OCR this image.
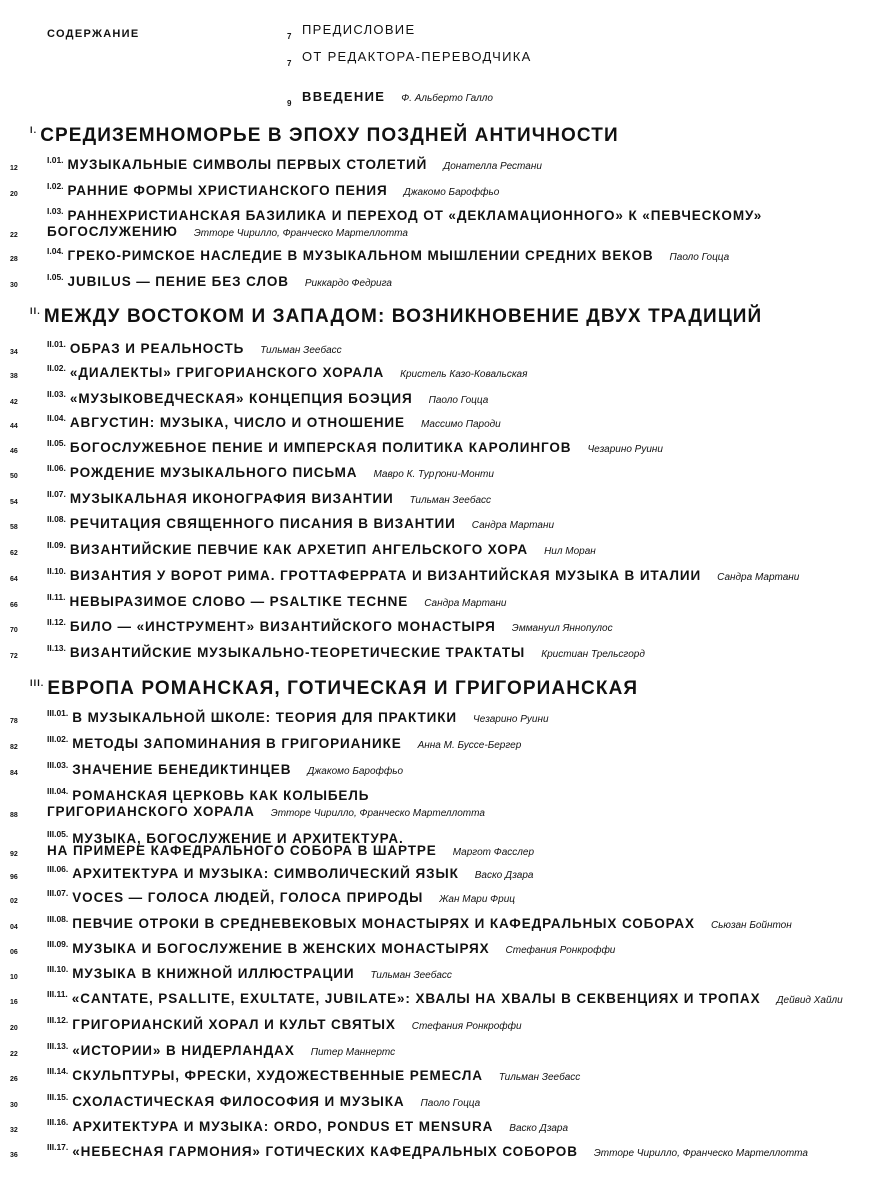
СОДЕРЖАНИЕ	7 ПРЕДИСЛОВИЕ
7 ОТ РЕДАКТОРА-ПЕРЕВОДЧИКА
9 ВВЕДЕНИЕ Ф. Альберто Галло
$^{I.}$ СРЕДИЗЕМНОМОРЬЕ В ЭПОХУ ПОЗДНЕЙ АНТИЧНОСТИ
12
I.01. МУЗЫКАЛЬНЫЕ СИМВОЛЫ ПЕРВЫХ СТОЛЕТИЙ Донателла Рестани
20
I.02. РАННИЕ ФОРМЫ ХРИСТИАНСКОГО ПЕНИЯ Джакомо Бароффьо
22
I.03. РАННЕХРИСТИАНСКАЯ БАЗИЛИКА И ПЕРЕХОД ОТ «ДЕКЛАМАЦИОННОГО» К «ПЕВЧЕСКОМУ»
БОГОСЛУЖЕНИЮ Этторе Чирилло, Франческо Мартеллотта
28
I.04. ГРЕКО-РИМСКОЕ НАСЛЕДИЕ В МУЗЫКАЛЬНОМ МЫШЛЕНИИ СРЕДНИХ ВЕКОВ Паоло Гоцца
30
I.05. JUBILUS — ПЕНИЕ БЕЗ СЛОВ Риккардо Федрига
$^{II.}$ МЕЖДУ ВОСТОКОМ И ЗАПАДОМ: ВОЗНИКНОВЕНИЕ ДВУХ ТРАДИЦИЙ
34
II.01. ОБРАЗ И РЕАЛЬНОСТЬ Тильман Зеебасс
38
II.02. «ДИАЛЕКТЫ» ГРИГОРИАНСКОГО ХОРАЛА Кристель Казо-Ковальская
42
II.03. «МУЗЫКОВЕДЧЕСКАЯ» КОНЦЕПЦИЯ БОЭЦИЯ Паоло Гоцца
44
II.04. АВГУСТИН: МУЗЫКА, ЧИСЛО И ОТНОШЕНИЕ Массимо Пароди
46
II.05. БОГОСЛУЖЕБНОЕ ПЕНИЕ И ИМПЕРСКАЯ ПОЛИТИКА КАРОЛИНГОВ Чезарино Руини
50
II.06. РОЖДЕНИЕ МУЗЫКАЛЬНОГО ПИСЬМА Мавро К. Турրони-Монти
54
II.07. МУЗЫКАЛЬНАЯ ИКОНОГРАФИЯ ВИЗАНТИИ Тильман Зеебасс
58
II.08. РЕЧИТАЦИЯ СВЯЩЕННОГО ПИСАНИЯ В ВИЗАНТИИ Сандра Мартани
62
II.09. ВИЗАНТИЙСКИЕ ПЕВЧИЕ КАК АРХЕТИП АНГЕЛЬСКОГО ХОРА Нил Моран
64
II.10. ВИЗАНТИЯ У ВОРОТ РИМА. ГРОТТАФЕРРАТА И ВИЗАНТИЙСКАЯ МУЗЫКА В ИТАЛИИ Сандра Мартани
66
II.11. НЕВЫРАЗИМОЕ СЛОВО — PSALTIKE TECHNE Сандра Мартани
70
II.12. БИЛО — «ИНСТРУМЕНТ» ВИЗАНТИЙСКОГО МОНАСТЫРЯ Эммануил Яннопулос
72
II.13. ВИЗАНТИЙСКИЕ МУЗЫКАЛЬНО-ТЕОРЕТИЧЕСКИЕ ТРАКТАТЫ Кристиан Трельсгорд
$^{III.}$ ЕВРОПА РОМАНСКАЯ, ГОТИЧЕСКАЯ И ГРИГОРИАНСКАЯ
78
III.01. В МУЗЫКАЛЬНОЙ ШКОЛЕ: ТЕОРИЯ ДЛЯ ПРАКТИКИ Чезарино Руини
82
III.02. МЕТОДЫ ЗАПОМИНАНИЯ В ГРИГОРИАНИКЕ Анна М. Буссе-Бергер
84
III.03. ЗНАЧЕНИЕ БЕНЕДИКТИНЦЕВ Джакомо Бароффьо
88
III.04. РОМАНСКАЯ ЦЕРКОВЬ КАК КОЛЫБЕЛЬ
ГРИГОРИАНСКОГО ХОРАЛА Этторе Чирилло, Франческо Мартеллотта
92
III.05. МУЗЫКА, БОГОСЛУЖЕНИЕ И АРХИТЕКТУРА.
НА ПРИМЕРЕ КАФЕДРАЛЬНОГО СОБОРА В ШАРТРЕ Маргот Фасслер
96
III.06. АРХИТЕКТУРА И МУЗЫКА: СИМВОЛИЧЕСКИЙ ЯЗЫК Васко Дзара
02
III.07. VOCES — ГОЛОСА ЛЮДЕЙ, ГОЛОСА ПРИРОДЫ Жан Мари Фриц
04
III.08. ПЕВЧИЕ ОТРОКИ В СРЕДНЕВЕКОВЫХ МОНАСТЫРЯХ И КАФЕДРАЛЬНЫХ СОБОРАХ Сьюзан Бойнтон
06
III.09. МУЗЫКА И БОГОСЛУЖЕНИЕ В ЖЕНСКИХ МОНАСТЫРЯХ Стефания Ронкроффи
10
III.10. МУЗЫКА В КНИЖНОЙ ИЛЛЮСТРАЦИИ Тильман Зеебасс
16
III.11. «CANTATE, PSALLITE, EXULTATE, JUBILATE»: ХВАЛЫ НА ХВАЛЫ В СЕКВЕНЦИЯХ И ТРОПАХ Дейвид Хайли
20
III.12. ГРИГОРИАНСКИЙ ХОРАЛ И КУЛЬТ СВЯТЫХ Стефания Ронкроффи
22
III.13. «ИСТОРИИ» В НИДЕРЛАНДАХ Питер Маннертс
26
III.14. СКУЛЬПТУРЫ, ФРЕСКИ, ХУДОЖЕСТВЕННЫЕ РЕМЕСЛА Тильман Зеебасс
30
III.15. СХОЛАСТИЧЕСКАЯ ФИЛОСОФИЯ И МУЗЫКА Паоло Гоцца
32
III.16. АРХИТЕКТУРА И МУЗЫКА: ORDO, PONDUS ET MENSURA Васко Дзара
36
III.17. «НЕБЕСНАЯ ГАРМОНИЯ» ГОТИЧЕСКИХ КАФЕДРАЛЬНЫХ СОБОРОВ Этторе Чирилло, Франческо Мартеллотта
